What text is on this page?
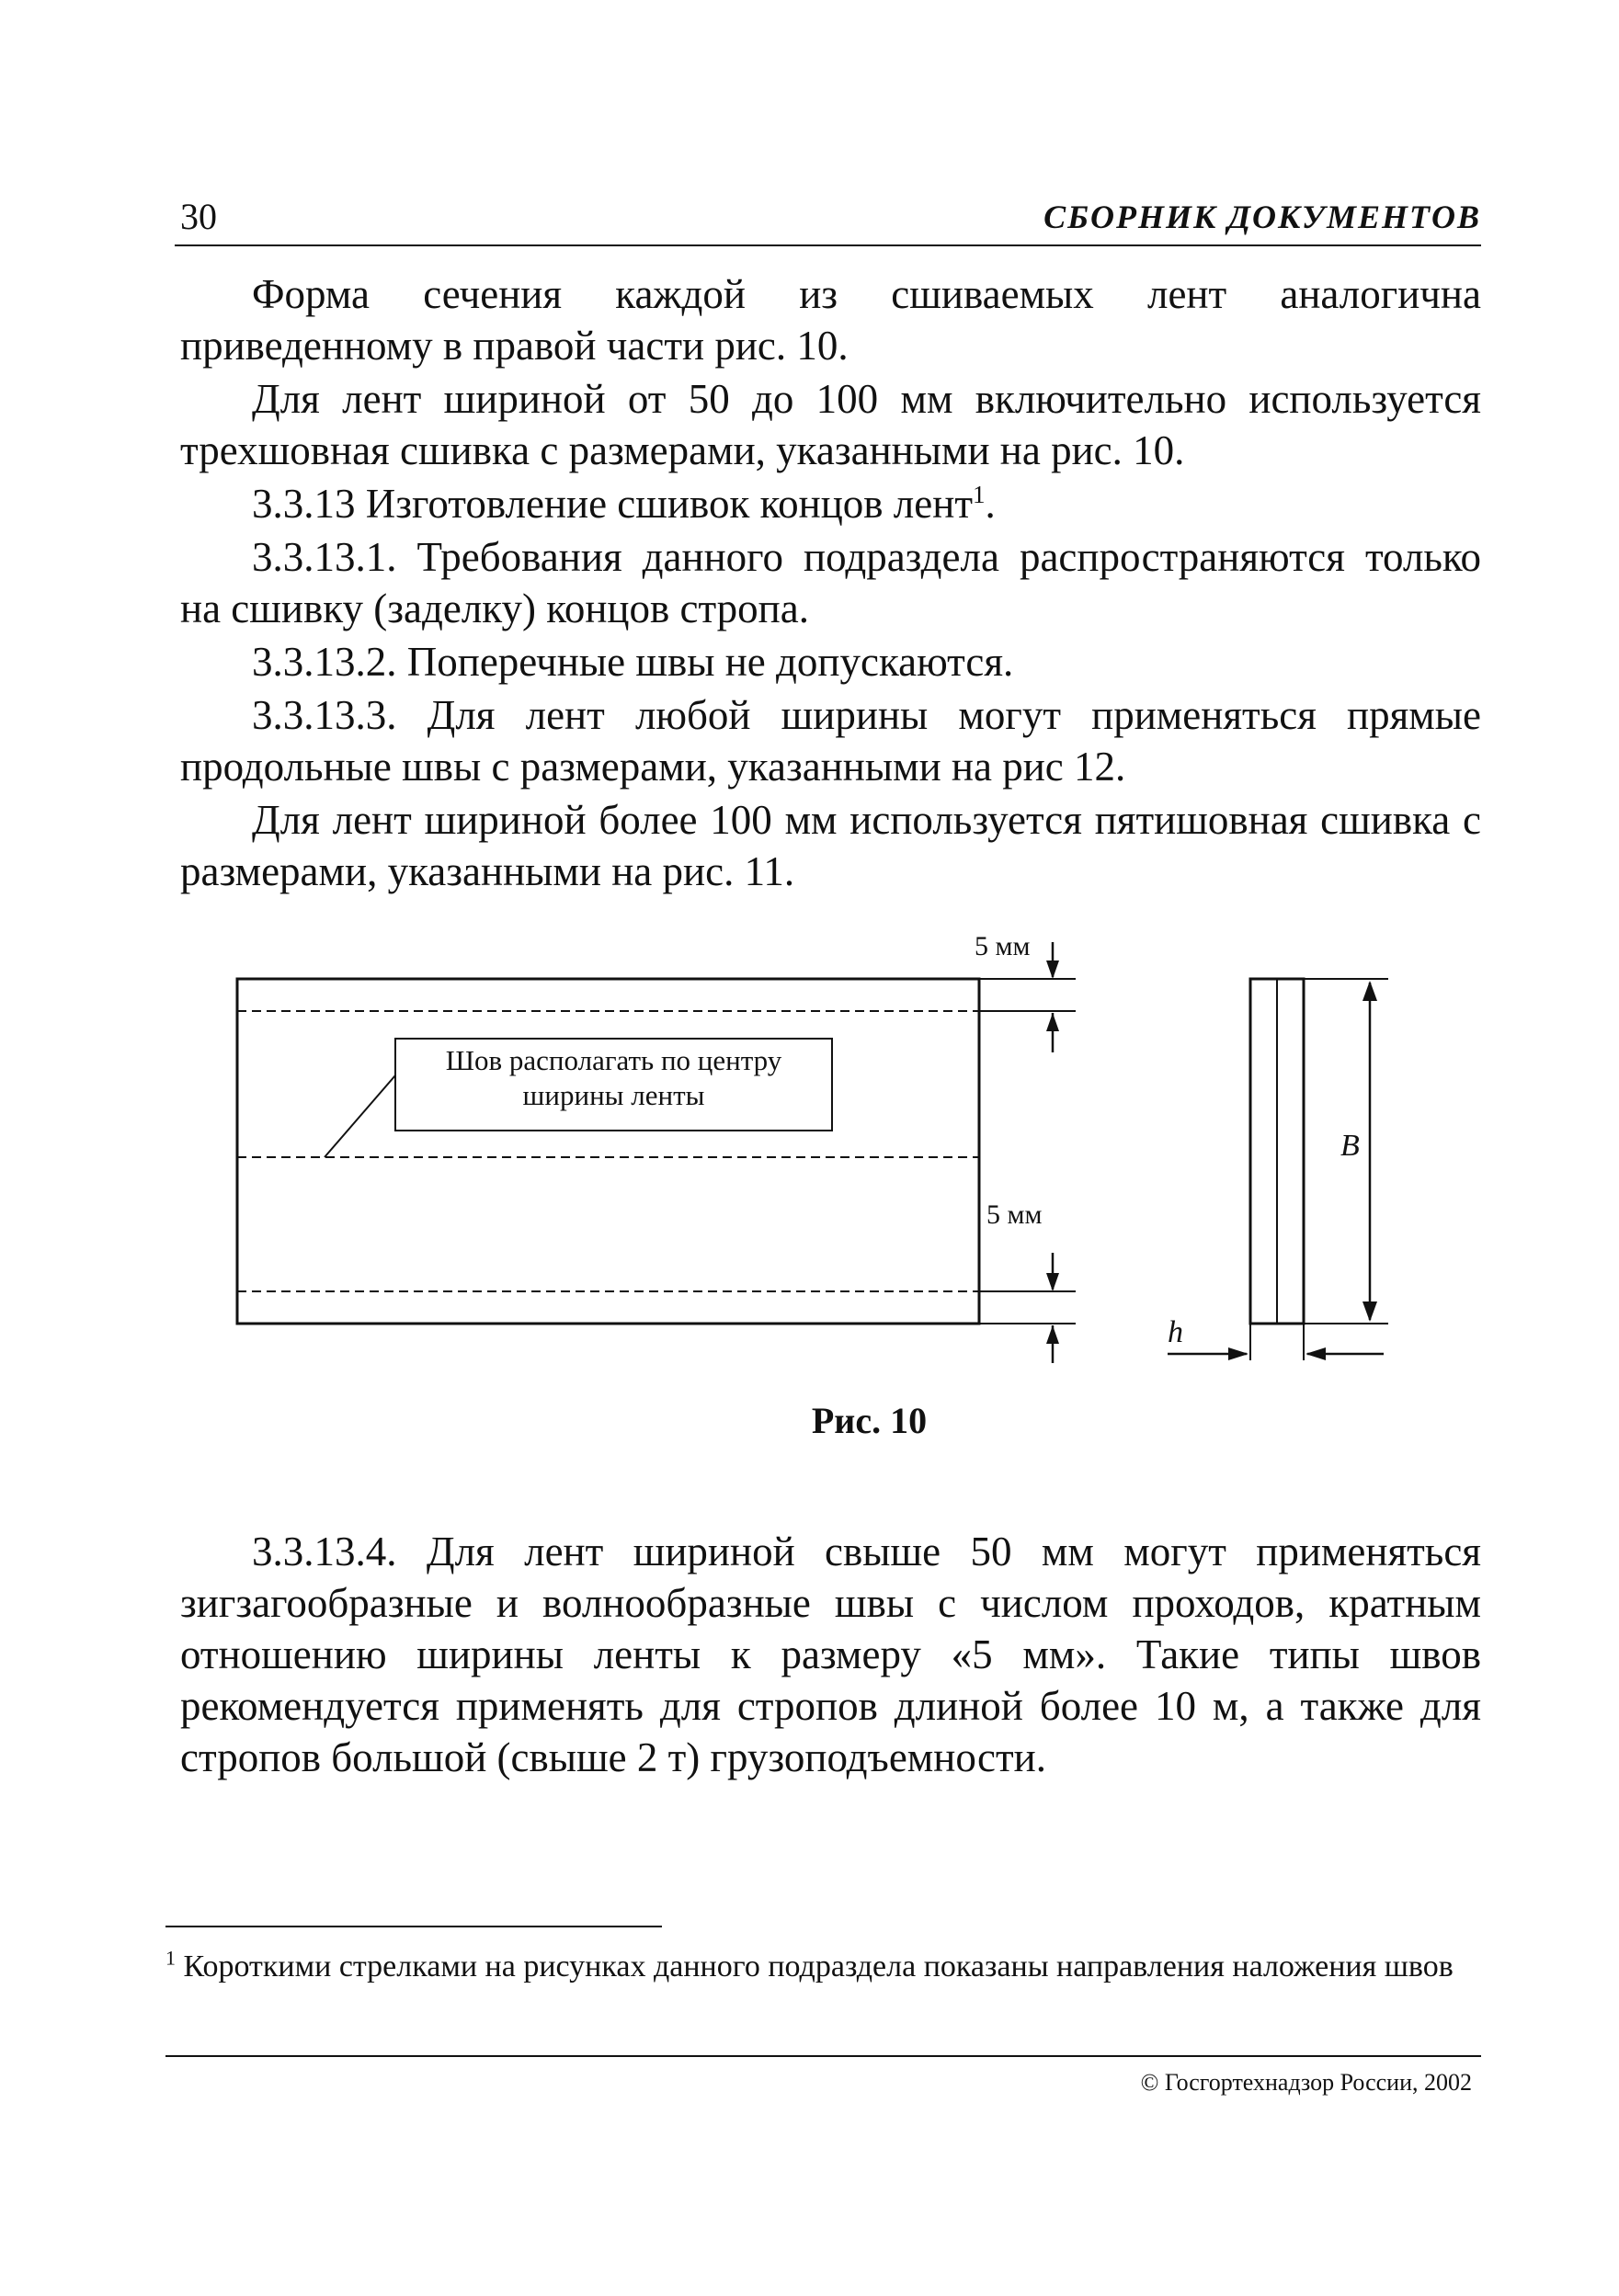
30	СБОРНИК ДОКУМЕНТОВ

Форма сечения каждой из сшиваемых лент аналогична приведенному в правой части рис. 10.

Для лент шириной от 50 до 100 мм включительно используется трехшовная сшивка с размерами, указанными на рис. 10.

3.3.13 Изготовление сшивок концов лент$^1$.

3.3.13.1. Требования данного подраздела распространяются только на сшивку (заделку) концов стропа.

3.3.13.2. Поперечные швы не допускаются.

3.3.13.3. Для лент любой ширины могут применяться прямые продольные швы с размерами, указанными на рис 12.

Для лент шириной более 100 мм используется пятишовная сшивка с размерами, указанными на рис. 11.

5 мм
5 мм
Шов располагать по центру ширины ленты
B
h
Рис. 10

3.3.13.4. Для лент шириной свыше 50 мм могут применяться зигзагообразные и волнообразные швы с числом проходов, кратным отношению ширины ленты к размеру «5 мм». Такие типы швов рекомендуется применять для стропов длиной более 10 м, а также для стропов большой (свыше 2 т) грузоподъемности.

$^1$ Короткими стрелками на рисунках данного подраздела показаны направления наложения швов
© Госгортехнадзор России, 2002
